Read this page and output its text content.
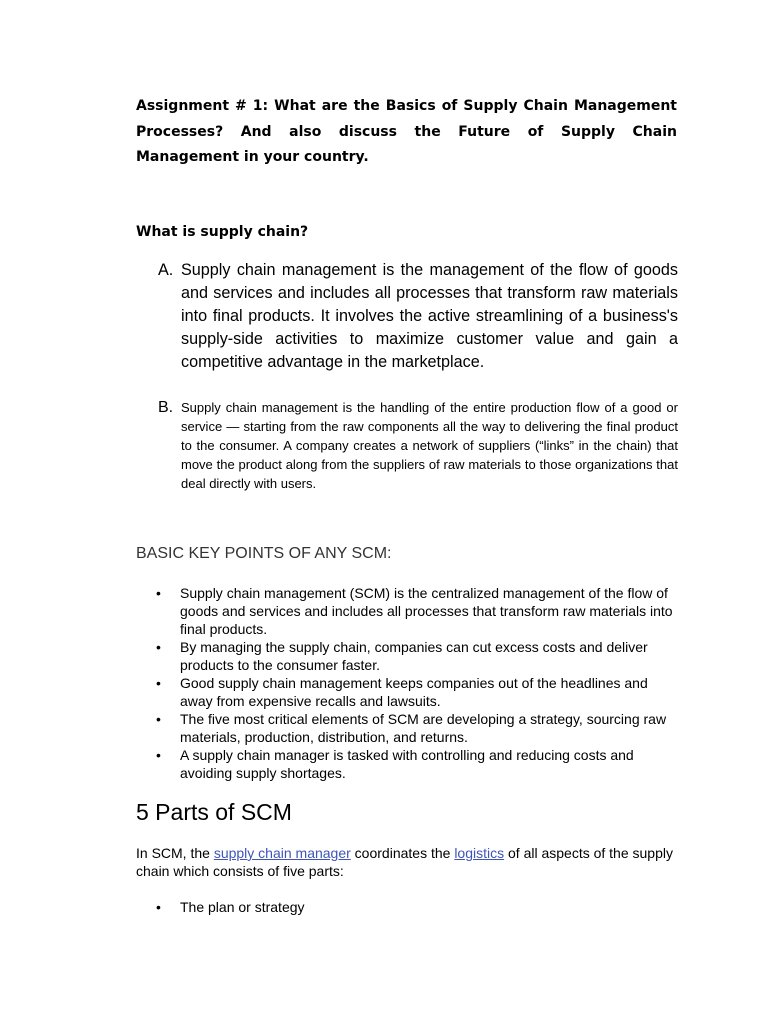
Assignment # 1: What are the Basics of Supply Chain Management Processes? And also discuss the Future of Supply Chain Management in your country.

What is supply chain?

A. Supply chain management is the management of the flow of goods and services and includes all processes that transform raw materials into final products. It involves the active streamlining of a business's supply-side activities to maximize customer value and gain a competitive advantage in the marketplace.
B. Supply chain management is the handling of the entire production flow of a good or service — starting from the raw components all the way to delivering the final product to the consumer. A company creates a network of suppliers (“links” in the chain) that move the product along from the suppliers of raw materials to those organizations that deal directly with users.

BASIC KEY POINTS OF ANY SCM:

• Supply chain management (SCM) is the centralized management of the flow of goods and services and includes all processes that transform raw materials into final products.
• By managing the supply chain, companies can cut excess costs and deliver products to the consumer faster.
• Good supply chain management keeps companies out of the headlines and away from expensive recalls and lawsuits.
• The five most critical elements of SCM are developing a strategy, sourcing raw materials, production, distribution, and returns.
• A supply chain manager is tasked with controlling and reducing costs and avoiding supply shortages.
5 Parts of SCM

In SCM, the supply chain manager coordinates the logistics of all aspects of the supply chain which consists of five parts:

• The plan or strategy
